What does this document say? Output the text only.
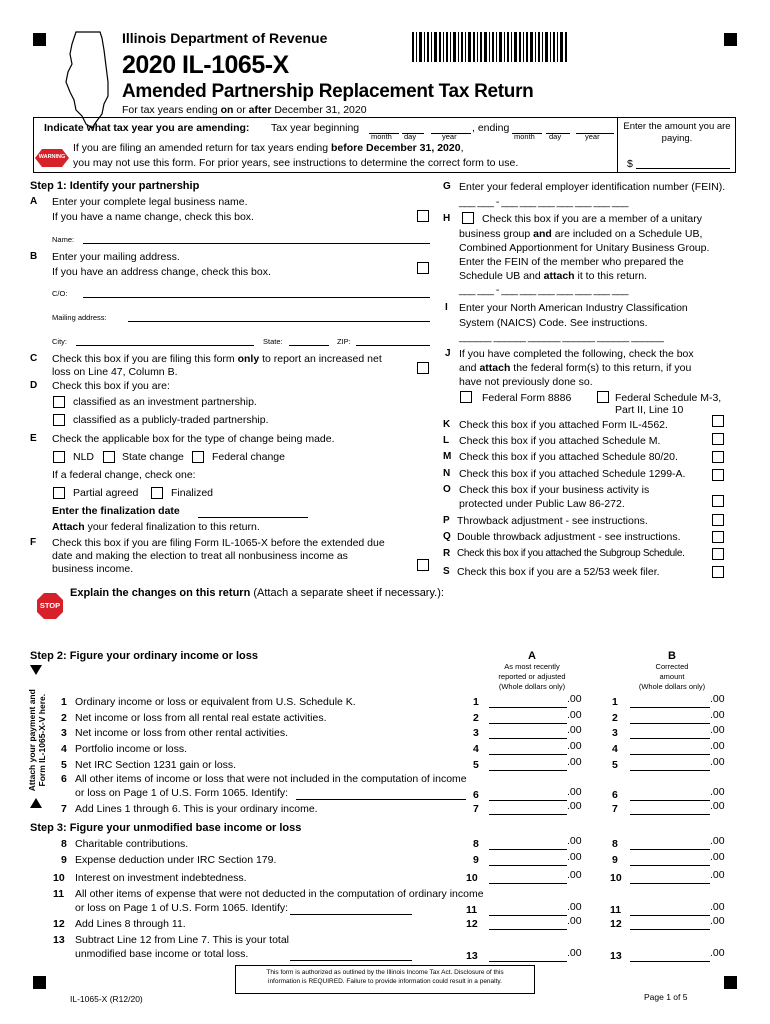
Illinois Department of Revenue
2020 IL-1065-X
Amended Partnership Replacement Tax Return
For tax years ending on or after December 31, 2020
Indicate what tax year you are amending: Tax year beginning
month day	year
, ending
month day	year
WARNING
If you are filing an amended return for tax years ending before December 31, 2020,
you may not use this form. For prior years, see instructions to determine the correct form to use.
Enter the amount you are paying.
$
Step 1: Identify your partnership
A Enter your complete legal business name.
If you have a name change, check this box.
Name:
B Enter your mailing address.
If you have an address change, check this box.
C/O:
Mailing address:
City:	State:	ZIP:
C Check this box if you are filing this form only to report an increased net
loss on Line 47, Column B.
D Check this box if you are:
classified as an investment partnership.
classified as a publicly-traded partnership.
E Check the applicable box for the type of change being made.
NLD	State change	Federal change
If a federal change, check one:
Partial agreed	Finalized
Enter the finalization date
Attach your federal finalization to this return.
F Check this box if you are filing Form IL-1065-X before the extended due
date and making the election to treat all nonbusiness income as
business income.
G Enter your federal employer identification number (FEIN).
___ ___ - ___ ___ ___ ___ ___ ___ ___
H	Check this box if you are a member of a unitary
business group and are included on a Schedule UB,
Combined Apportionment for Unitary Business Group.
Enter the FEIN of the member who prepared the
Schedule UB and attach it to this return.
___ ___ - ___ ___ ___ ___ ___ ___ ___
I Enter your North American Industry Classification
System (NAICS) Code. See instructions.
______ ______ ______ ______ ______ ______
J If you have completed the following, check the box
and attach the federal form(s) to this return, if you
have not previously done so.
Federal Form 8886	Federal Schedule M-3,
Part II, Line 10
K Check this box if you attached Form IL-4562.
L Check this box if you attached Schedule M.
M Check this box if you attached Schedule 80/20.
N Check this box if you attached Schedule 1299-A.
O Check this box if your business activity is
protected under Public Law 86-272.
P Throwback adjustment - see instructions.
Q Double throwback adjustment - see instructions.
R Check this box if you attached the Subgroup Schedule.
S Check this box if you are a 52/53 week filer.
STOP
Explain the changes on this return (Attach a separate sheet if necessary.):
Step 2: Figure your ordinary income or loss
Attach your payment and Form IL-1065-X-V here.
A
As most recently
reported or adjusted
(Whole dollars only)
B
Corrected
amount
(Whole dollars only)
1 Ordinary income or loss or equivalent from U.S. Schedule K.	1	.00	1	.00
2 Net income or loss from all rental real estate activities.	2	.00	2	.00
3 Net income or loss from other rental activities.	3	.00	3	.00
4 Portfolio income or loss.	4	.00	4	.00
5 Net IRC Section 1231 gain or loss.	5	.00	5	.00
6 All other items of income or loss that were not included in the computation of income
or loss on Page 1 of U.S. Form 1065. Identify:	6	.00	6	.00
7 Add Lines 1 through 6. This is your ordinary income.	7	.00	7	.00
Step 3: Figure your unmodified base income or loss
8 Charitable contributions.	8	.00	8	.00
9 Expense deduction under IRC Section 179.	9	.00	9	.00
10 Interest on investment indebtedness.	10	.00	10	.00
11 All other items of expense that were not deducted in the computation of ordinary income
or loss on Page 1 of U.S. Form 1065. Identify:	11	.00	11	.00
12 Add Lines 8 through 11.	12	.00	12	.00
13 Subtract Line 12 from Line 7. This is your total
unmodified base income or total loss.	13	.00	13	.00
This form is authorized as outlined by the Illinois Income Tax Act. Disclosure of this
information is REQUIRED. Failure to provide information could result in a penalty.
IL-1065-X (R12/20)	Page 1 of 5
